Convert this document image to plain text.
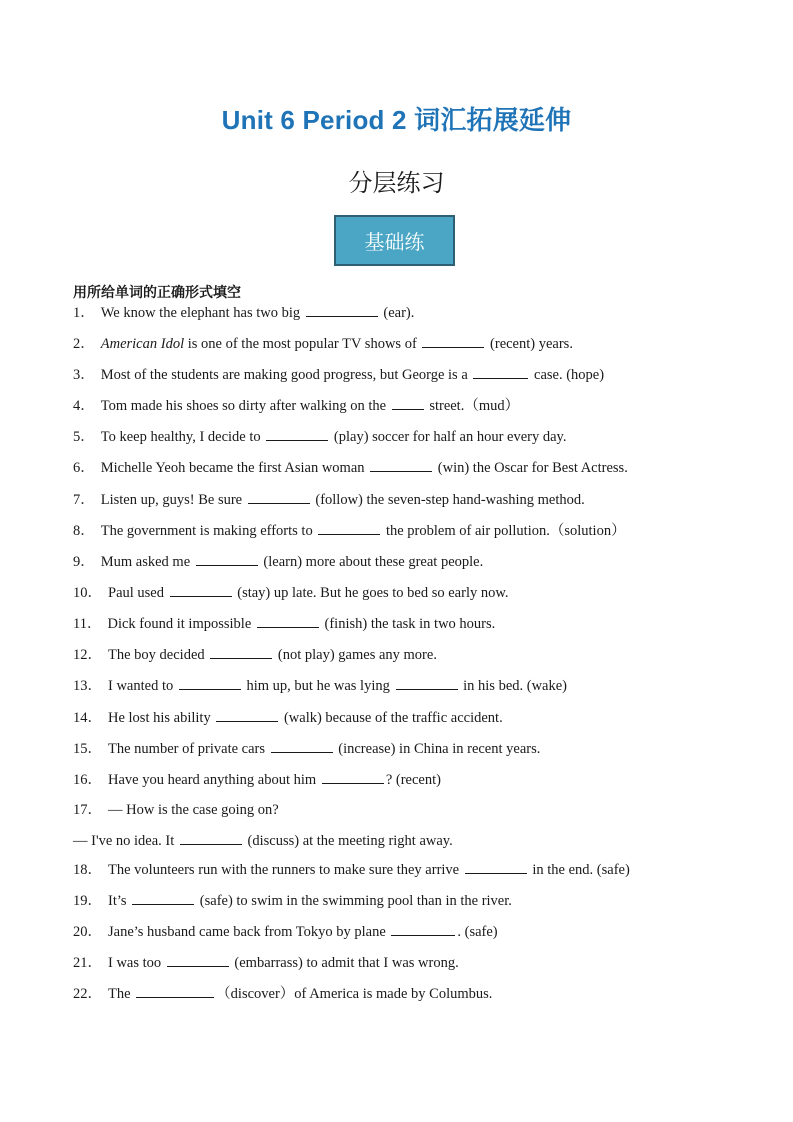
Unit 6 Period 2 词汇拓展延伸
分层练习
基础练
用所给单词的正确形式填空
1． We know the elephant has two big	(ear).
2． American Idol is one of the most popular TV shows of	(recent) years.
3． Most of the students are making good progress, but George is a	case. (hope)
4． Tom made his shoes so dirty after walking on the	street.（mud）
5． To keep healthy, I decide to	(play) soccer for half an hour every day.
6． Michelle Yeoh became the first Asian woman	(win) the Oscar for Best Actress.
7． Listen up, guys! Be sure	(follow) the seven-step hand-washing method.
8． The government is making efforts to	the problem of air pollution.（solution）
9． Mum asked me	(learn) more about these great people.
10． Paul used	(stay) up late. But he goes to bed so early now.
11． Dick found it impossible	(finish) the task in two hours.
12． The boy decided	(not play) games any more.
13． I wanted to	him up, but he was lying	in his bed. (wake)
14． He lost his ability	(walk) because of the traffic accident.
15． The number of private cars	(increase) in China in recent years.
16． Have you heard anything about him	? (recent)
17． — How is the case going on?
— I've no idea. It	(discuss) at the meeting right away.
18． The volunteers run with the runners to make sure they arrive	in the end. (safe)
19． It’s	(safe) to swim in the swimming pool than in the river.
20． Jane’s husband came back from Tokyo by plane	. (safe)
21． I was too	(embarrass) to admit that I was wrong.
22． The	（discover）of America is made by Columbus.
